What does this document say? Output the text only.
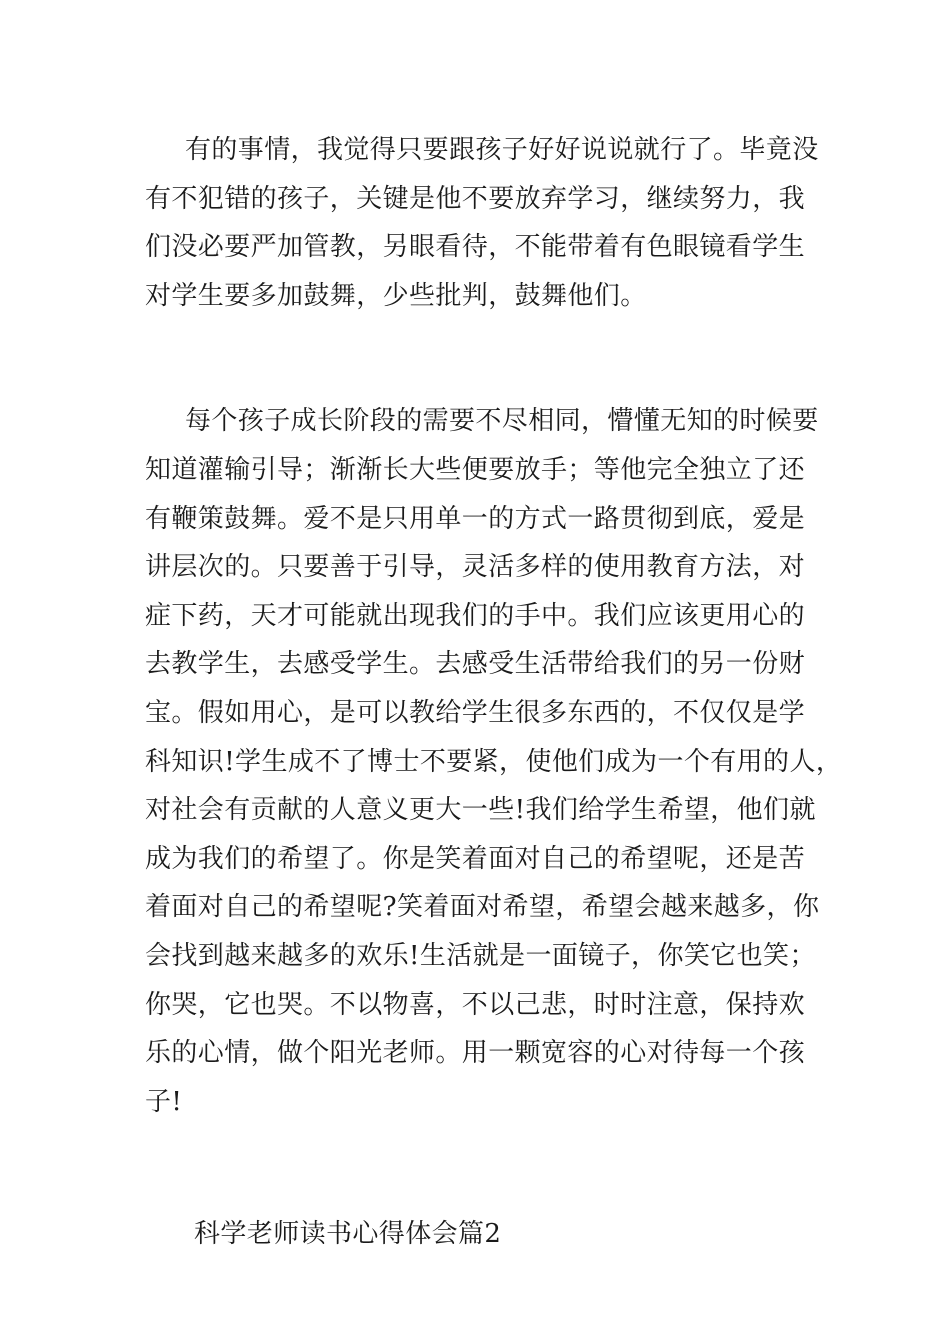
有的事情，我觉得只要跟孩子好好说说就行了。毕竟没
有不犯错的孩子，关键是他不要放弃学习，继续努力，我
们没必要严加管教，另眼看待，不能带着有色眼镜看学生
对学生要多加鼓舞，少些批判，鼓舞他们。
每个孩子成长阶段的需要不尽相同，懵懂无知的时候要
知道灌输引导；渐渐长大些便要放手；等他完全独立了还
有鞭策鼓舞。爱不是只用单一的方式一路贯彻到底，爱是
讲层次的。只要善于引导，灵活多样的使用教育方法，对
症下药，天才可能就出现我们的手中。我们应该更用心的
去教学生，去感受学生。去感受生活带给我们的另一份财
宝。假如用心，是可以教给学生很多东西的，不仅仅是学
科知识!学生成不了博士不要紧，使他们成为一个有用的人，
对社会有贡献的人意义更大一些!我们给学生希望，他们就
成为我们的希望了。你是笑着面对自己的希望呢，还是苦
着面对自己的希望呢?笑着面对希望，希望会越来越多，你
会找到越来越多的欢乐!生活就是一面镜子，你笑它也笑；
你哭，它也哭。不以物喜，不以己悲，时时注意，保持欢
乐的心情，做个阳光老师。用一颗宽容的心对待每一个孩
子!

科学老师读书心得体会篇2
